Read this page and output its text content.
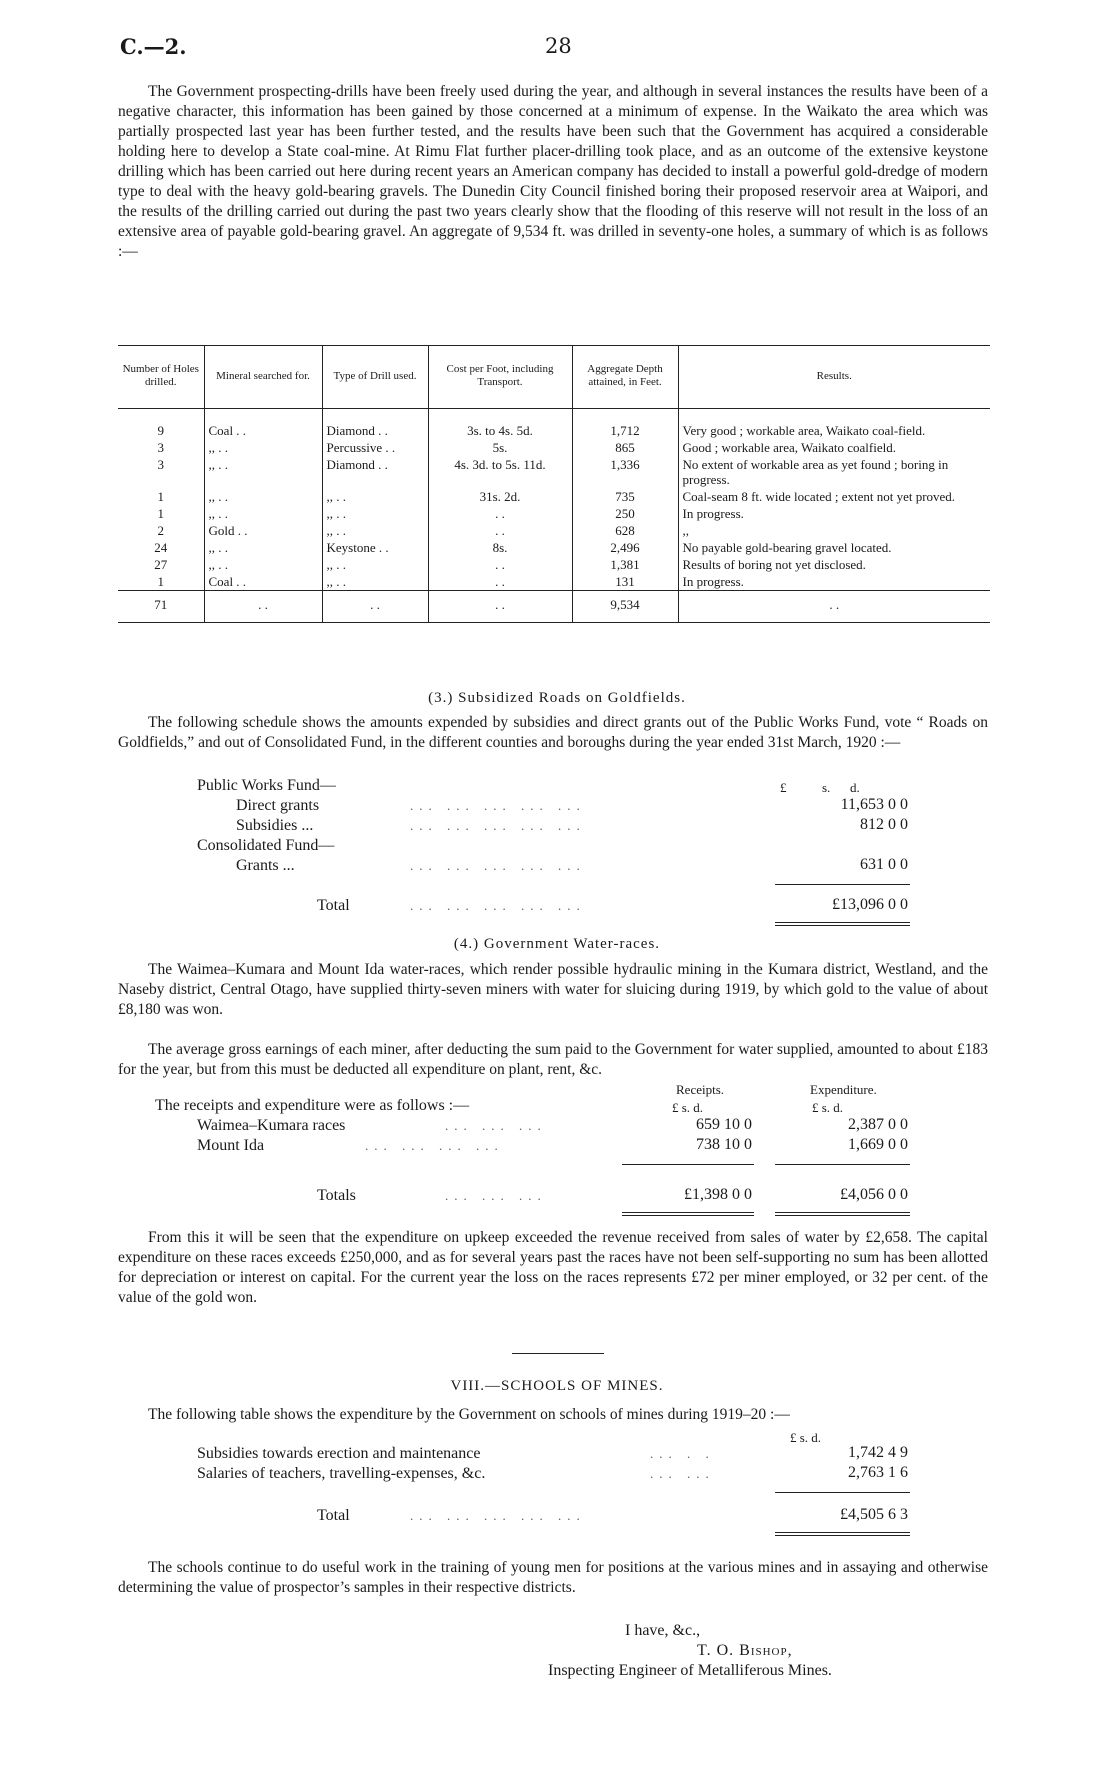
C.—2.	28
The Government prospecting-drills have been freely used during the year, and although in several instances the results have been of a negative character, this information has been gained by those concerned at a minimum of expense. In the Waikato the area which was partially prospected last year has been further tested, and the results have been such that the Government has acquired a considerable holding here to develop a State coal-mine. At Rimu Flat further placer-drilling took place, and as an outcome of the extensive keystone drilling which has been carried out here during recent years an American company has decided to install a powerful gold-dredge of modern type to deal with the heavy gold-bearing gravels. The Dunedin City Council finished boring their proposed reservoir area at Waipori, and the results of the drilling carried out during the past two years clearly show that the flooding of this reserve will not result in the loss of an extensive area of payable gold-bearing gravel. An aggregate of 9,534 ft. was drilled in seventy-one holes, a summary of which is as follows :—
Number of Holes drilled.	Mineral searched for.	Type of Drill used.	Cost per Foot, including Transport.	Aggregate Depth attained, in Feet.	Results.
9	Coal . .	Diamond . .	3s. to 4s. 5d.	1,712	Very good ; workable area, Waikato coal-field.
3	,, . .	Percussive . .	5s.	865	Good ; workable area, Waikato coalfield.
3	,, . .	Diamond . .	4s. 3d. to 5s. 11d.	1,336	No extent of workable area as yet found ; boring in progress.
1	,, . .	,, . .	31s. 2d.	735	Coal-seam 8 ft. wide located ; extent not yet proved.
1	,, . .	,, . .	. .	250	In progress.
2	Gold . .	,, . .	. .	628	,,
24	,, . .	Keystone . .	8s.	2,496	No payable gold-bearing gravel located.
27	,, . .	,, . .	. .	1,381	Results of boring not yet disclosed.
1	Coal . .	,, . .	. .	131	In progress.
71	. .	. .	. .	9,534	. .
(3.) Subsidized Roads on Goldfields.
The following schedule shows the amounts expended by subsidies and direct grants out of the Public Works Fund, vote “ Roads on Goldfields,” and out of Consolidated Fund, in the different counties and boroughs during the year ended 31st March, 1920 :—
£	s. d.
Public Works Fund—
Direct grants	... ... ... ... ...	11,653 0 0
Subsidies ...	... ... ... ... ...	812 0 0
Consolidated Fund—
Grants ...	... ... ... ... ...	631 0 0
Total	... ... ... ... ...	£13,096 0 0
(4.) Government Water-races.
The Waimea–Kumara and Mount Ida water-races, which render possible hydraulic mining in the Kumara district, Westland, and the Naseby district, Central Otago, have supplied thirty-seven miners with water for sluicing during 1919, by which gold to the value of about £8,180 was won.
The average gross earnings of each miner, after deducting the sum paid to the Government for water supplied, amounted to about £183 for the year, but from this must be deducted all expenditure on plant, rent, &c.
Receipts.	Expenditure.
The receipts and expenditure were as follows :—	£ s. d.	£ s. d.
Waimea–Kumara races	... ... ...	659 10 0	2,387 0 0
Mount Ida	... ... ... ...	738 10 0	1,669 0 0
Totals	... ... ...	£1,398 0 0	£4,056 0 0
From this it will be seen that the expenditure on upkeep exceeded the revenue received from sales of water by £2,658. The capital expenditure on these races exceeds £250,000, and as for several years past the races have not been self-supporting no sum has been allotted for depreciation or interest on capital. For the current year the loss on the races represents £72 per miner employed, or 32 per cent. of the value of the gold won.
VIII.—SCHOOLS OF MINES.
The following table shows the expenditure by the Government on schools of mines during 1919–20 :—
£ s. d.
Subsidies towards erection and maintenance	... . .	1,742 4 9
Salaries of teachers, travelling-expenses, &c.	... ...	2,763 1 6
Total	... ... ... ... ...	£4,505 6 3
The schools continue to do useful work in the training of young men for positions at the various mines and in assaying and otherwise determining the value of prospector’s samples in their respective districts.
I have, &c.,
T. O. Bishop,
Inspecting Engineer of Metalliferous Mines.
